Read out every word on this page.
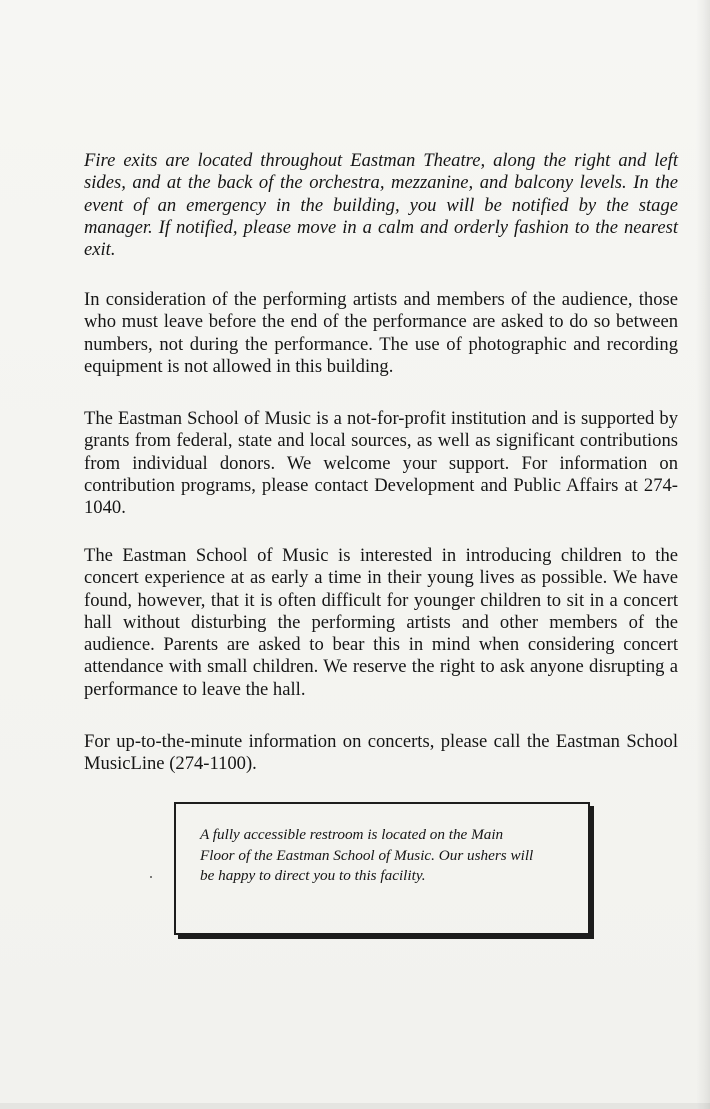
Fire exits are located throughout Eastman Theatre, along the right and left sides, and at the back of the orchestra, mezzanine, and balcony levels. In the event of an emergency in the building, you will be notified by the stage manager. If notified, please move in a calm and orderly fashion to the nearest exit.

In consideration of the performing artists and members of the audience, those who must leave before the end of the performance are asked to do so between numbers, not during the performance. The use of photographic and recording equipment is not allowed in this building.

The Eastman School of Music is a not-for-profit institution and is supported by grants from federal, state and local sources, as well as significant contributions from individual donors. We welcome your support. For information on contribution programs, please contact Development and Public Affairs at 274-1040.

The Eastman School of Music is interested in introducing children to the concert experience at as early a time in their young lives as possible. We have found, however, that it is often difficult for younger children to sit in a concert hall without disturbing the performing artists and other members of the audience. Parents are asked to bear this in mind when considering concert attendance with small children. We reserve the right to ask anyone disrupting a performance to leave the hall.

For up-to-the-minute information on concerts, please call the Eastman School MusicLine (274-1100).

A fully accessible restroom is located on the Main Floor of the Eastman School of Music. Our ushers will be happy to direct you to this facility.
